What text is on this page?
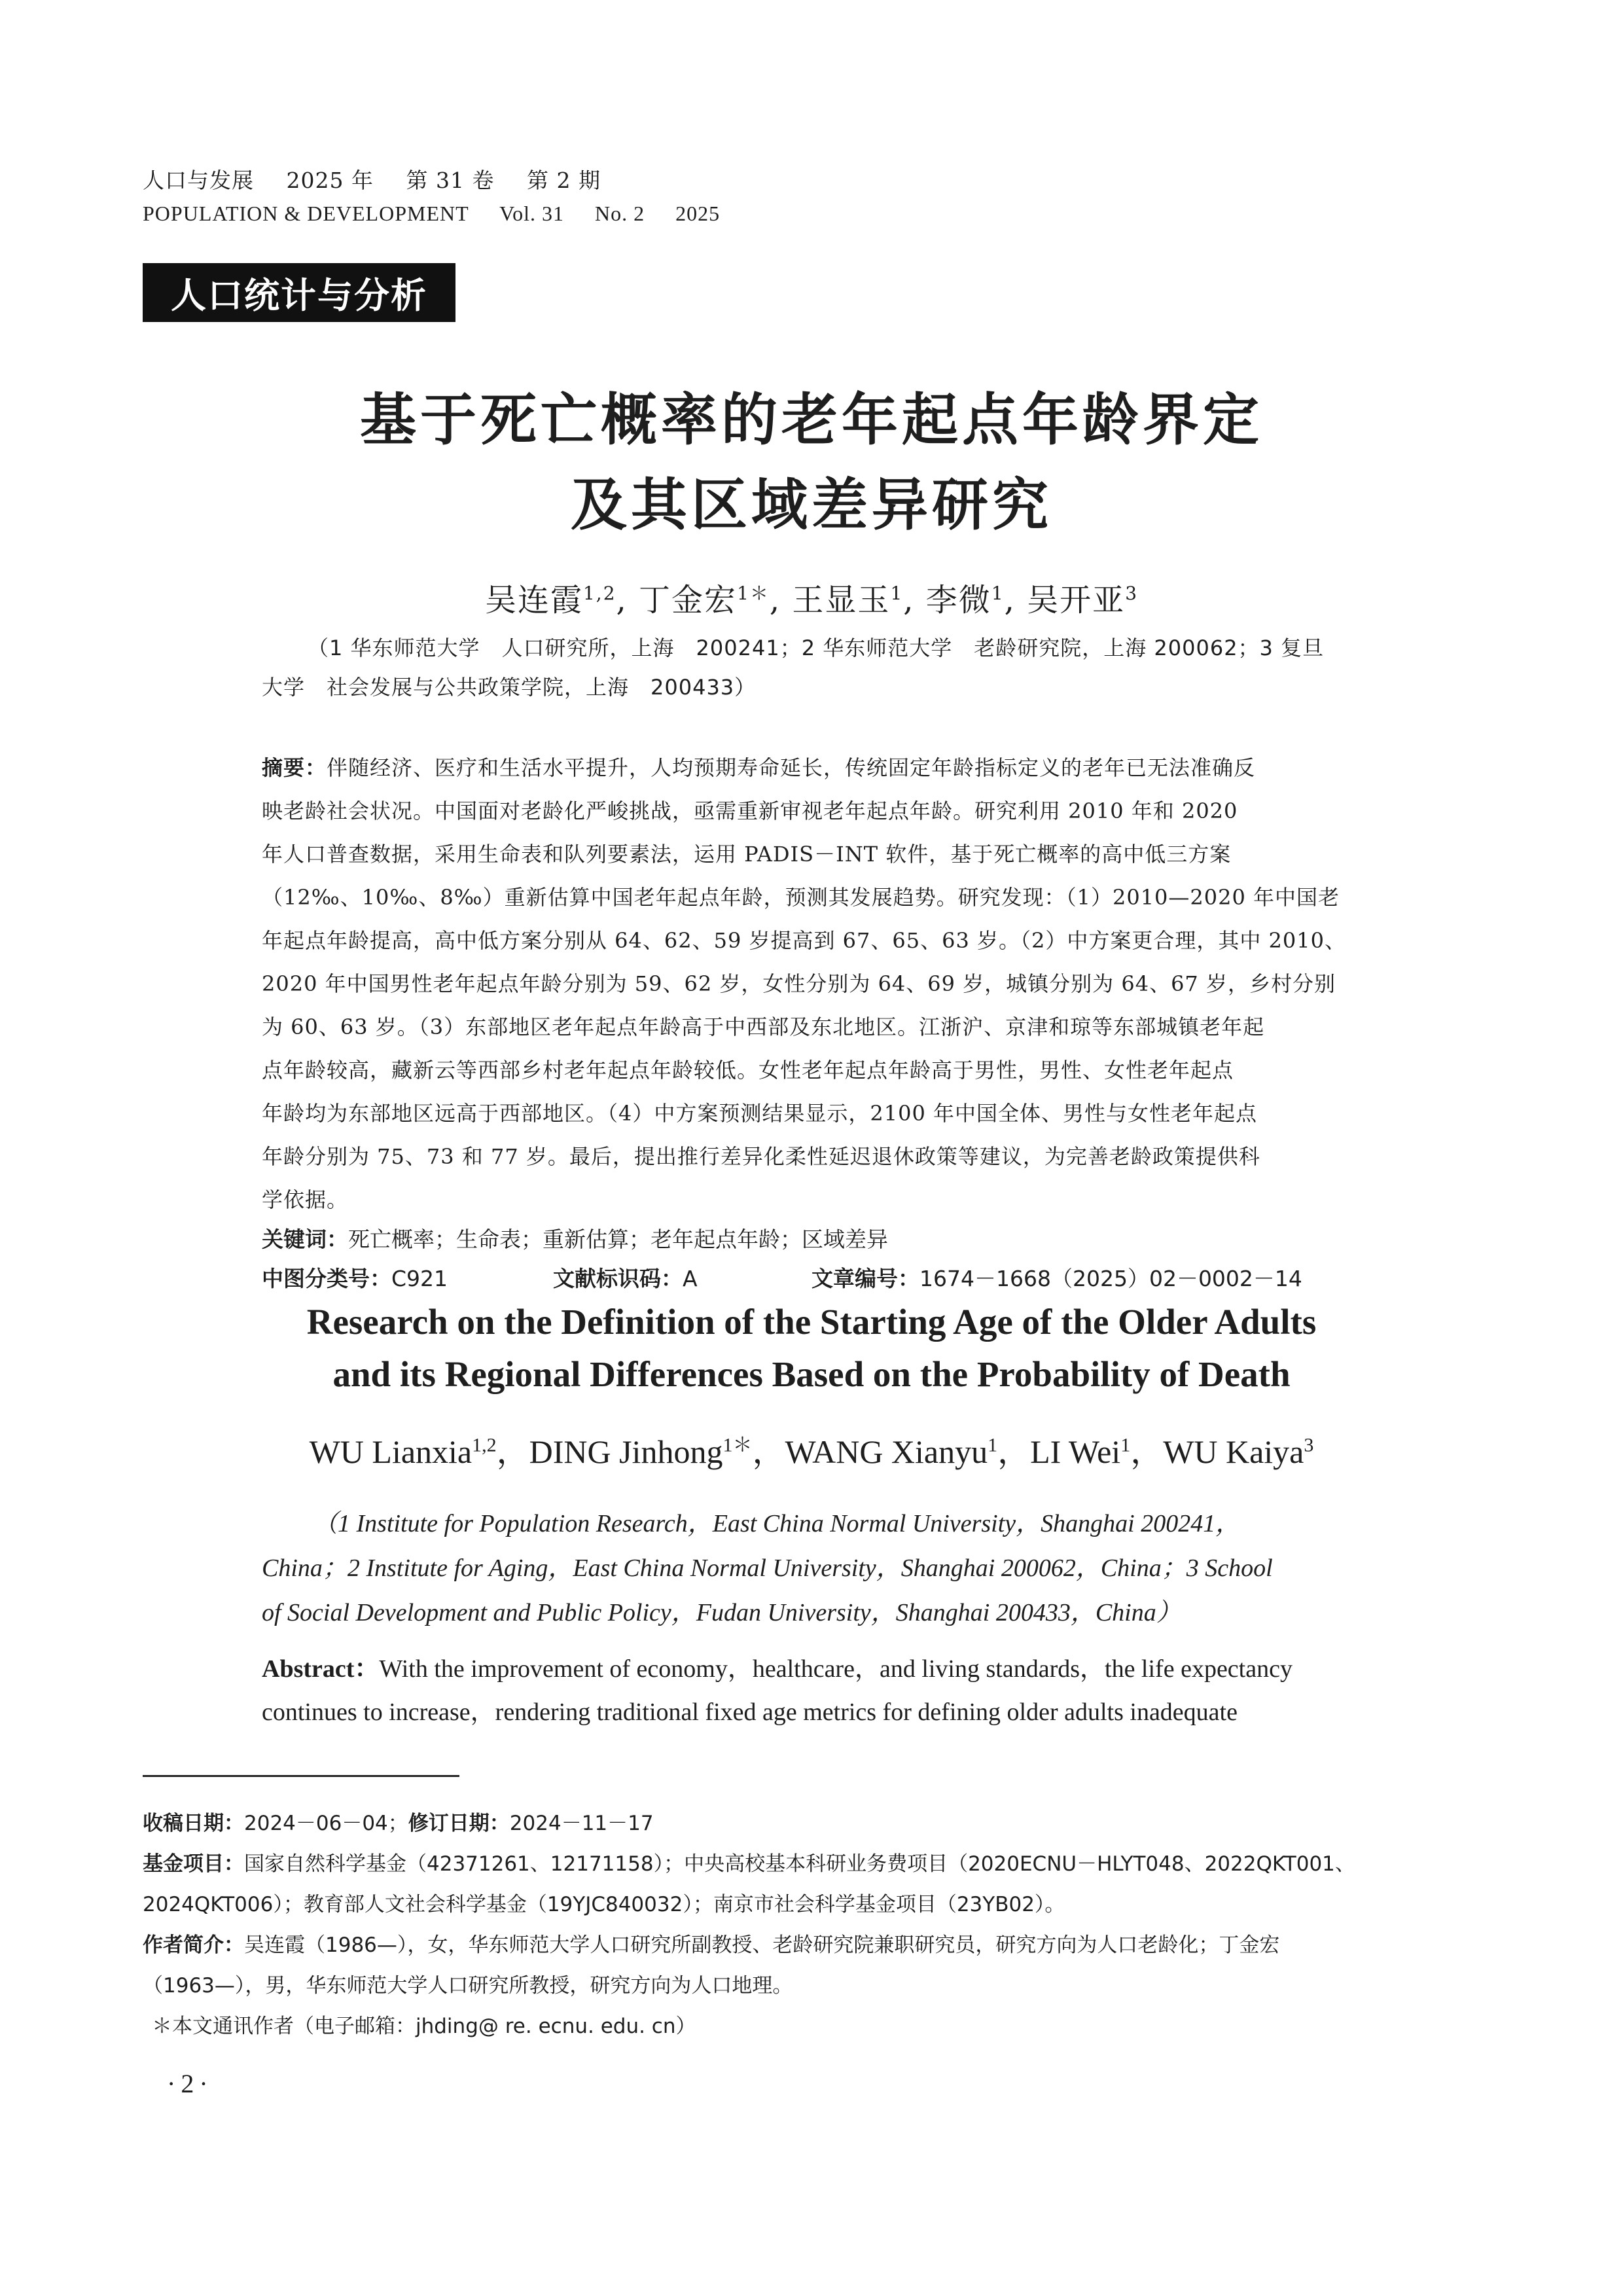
人口与发展 2025 年 第 31 卷 第 2 期
POPULATION & DEVELOPMENT Vol. 31 No. 2 2025
人口统计与分析
基于死亡概率的老年起点年龄界定
及其区域差异研究
吴连霞$^{1,2}$, 丁金宏$^{1*}$, 王显玉$^1$, 李微$^1$, 吴开亚$^3$
（1 华东师范大学　人口研究所，上海　200241；2 华东师范大学　老龄研究院，上海 200062；3 复旦
大学　社会发展与公共政策学院，上海　200433）
摘要：伴随经济、医疗和生活水平提升，人均预期寿命延长，传统固定年龄指标定义的老年已无法准确反
映老龄社会状况。中国面对老龄化严峻挑战，亟需重新审视老年起点年龄。研究利用 2010 年和 2020
年人口普查数据，采用生命表和队列要素法，运用 PADIS－INT 软件，基于死亡概率的高中低三方案
（12‰、10‰、8‰）重新估算中国老年起点年龄，预测其发展趋势。研究发现：（1）2010—2020 年中国老
年起点年龄提高，高中低方案分别从 64、62、59 岁提高到 67、65、63 岁。（2）中方案更合理，其中 2010、
2020 年中国男性老年起点年龄分别为 59、62 岁，女性分别为 64、69 岁，城镇分别为 64、67 岁，乡村分别
为 60、63 岁。（3）东部地区老年起点年龄高于中西部及东北地区。江浙沪、京津和琼等东部城镇老年起
点年龄较高，藏新云等西部乡村老年起点年龄较低。女性老年起点年龄高于男性，男性、女性老年起点
年龄均为东部地区远高于西部地区。（4）中方案预测结果显示，2100 年中国全体、男性与女性老年起点
年龄分别为 75、73 和 77 岁。最后，提出推行差异化柔性延迟退休政策等建议，为完善老龄政策提供科
学依据。
关键词：死亡概率；生命表；重新估算；老年起点年龄；区域差异
中图分类号：C921	文献标识码：A	文章编号：1674－1668（2025）02－0002－14
Research on the Definition of the Starting Age of the Older Adults
and its Regional Differences Based on the Probability of Death
WU Lianxia$^{1,2}$，DING Jinhong$^{1*}$，WANG Xianyu$^1$，LI Wei$^1$，WU Kaiya$^3$
（1 Institute for Population Research，East China Normal University，Shanghai 200241，
China；2 Institute for Aging，East China Normal University，Shanghai 200062，China；3 School
of Social Development and Public Policy，Fudan University，Shanghai 200433，China）
Abstract：With the improvement of economy，healthcare，and living standards，the life expectancy
continues to increase，rendering traditional fixed age metrics for defining older adults inadequate
收稿日期：2024－06－04；修订日期：2024－11－17
基金项目：国家自然科学基金（42371261、12171158）；中央高校基本科研业务费项目（2020ECNU－HLYT048、2022QKT001、
2024QKT006）；教育部人文社会科学基金（19YJC840032）；南京市社会科学基金项目（23YB02）。
作者简介：吴连霞（1986—），女，华东师范大学人口研究所副教授、老龄研究院兼职研究员，研究方向为人口老龄化；丁金宏
（1963—），男，华东师范大学人口研究所教授，研究方向为人口地理。
＊本文通讯作者（电子邮箱：jhding@ re. ecnu. edu. cn）
·2·
